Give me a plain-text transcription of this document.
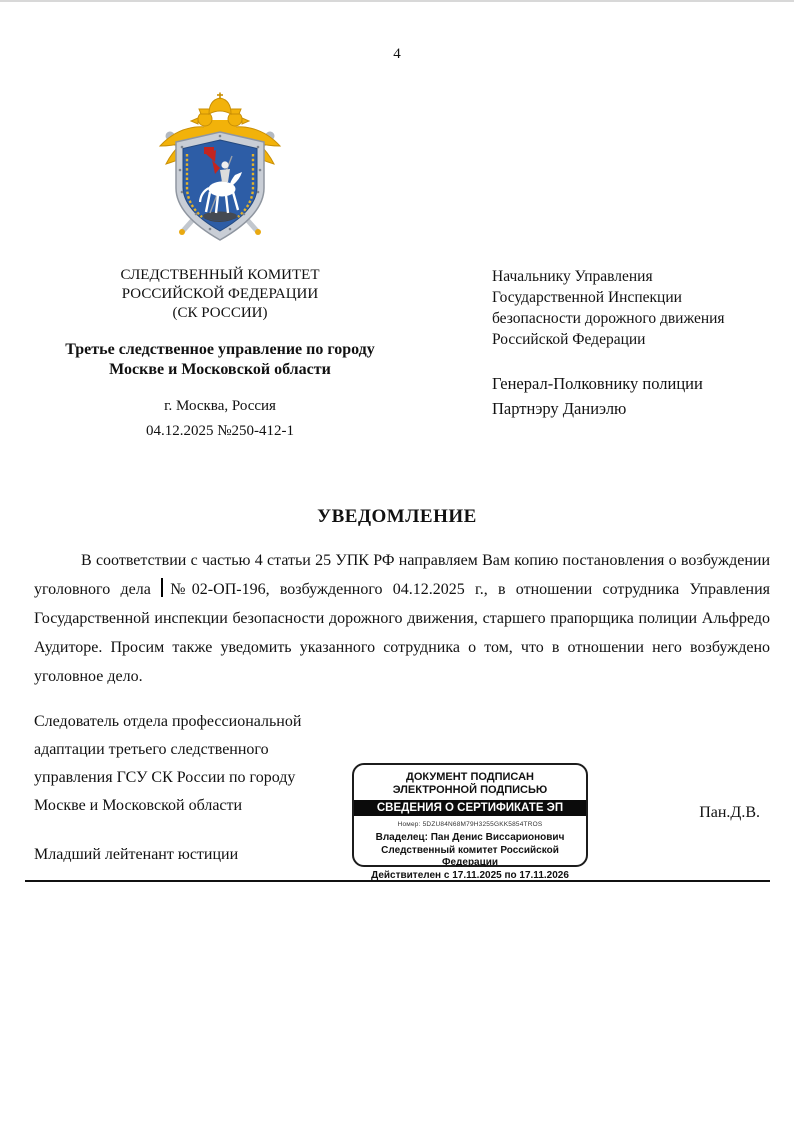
4
СЛЕДСТВЕННЫЙ КОМИТЕТ
РОССИЙСКОЙ ФЕДЕРАЦИИ
(СК РОССИИ)
Третье следственное управление по городу
Москве и Московской области
г. Москва, Россия
04.12.2025 №250-412-1
Начальнику Управления
Государственной Инспекции
безопасности дорожного движения
Российской Федерации
Генерал-Полковнику полиции
Партнэру Даниэлю
УВЕДОМЛЕНИЕ

В соответствии с частью 4 статьи 25 УПК РФ направляем Вам копию постановления о возбуждении уголовного дела №02-ОП-196, возбужденного 04.12.2025 г., в отношении сотрудника Управления Государственной инспекции безопасности дорожного движения, старшего прапорщика полиции Альфредо Аудиторе. Просим также уведомить указанного сотрудника о том, что в отношении него возбуждено уголовное дело.

Следователь отдела профессиональной
адаптации третьего следственного
управления ГСУ СК России по городу
Москве и Московской области
Младший лейтенант юстиции
ДОКУМЕНТ ПОДПИСАН
ЭЛЕКТРОННОЙ ПОДПИСЬЮ
СВЕДЕНИЯ О СЕРТИФИКАТЕ ЭП
Номер: 5DZU84N68M79H3255GKK5854TROS
Владелец: Пан Денис Виссарионович
Следственный комитет Российской Федерации
Действителен с 17.11.2025 по 17.11.2026
Пан.Д.В.
